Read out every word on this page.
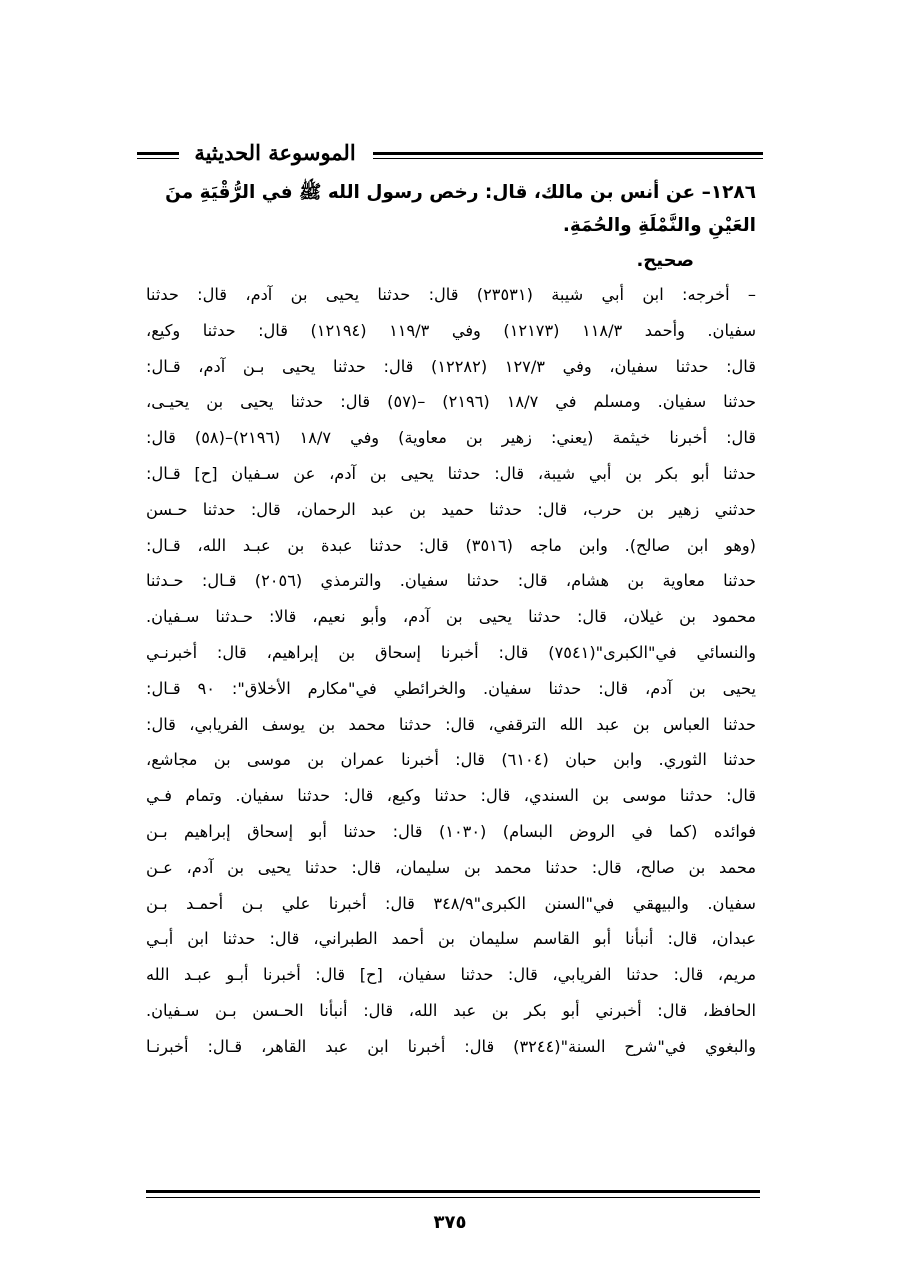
الموسوعة الحديثية
١٢٨٦– عن أنس بن مالك، قال: رخص رسول الله ﷺ في الرُّقْيَةِ منَ
العَيْنِ والنَّمْلَةِ والحُمَةِ.
صحيح.
– أخرجه: ابن أبي شيبة (٢٣٥٣١) قال: حدثنا يحيى بن آدم، قال: حدثنا
سفيان. وأحمد ١١٨/٣ (١٢١٧٣) وفي ١١٩/٣ (١٢١٩٤) قال: حدثنا وكيع،
قال: حدثنا سفيان، وفي ١٢٧/٣ (١٢٢٨٢) قال: حدثنا يحيى بـن آدم، قـال:
حدثنا سفيان. ومسلم في ١٨/٧ (٢١٩٦) –(٥٧) قال: حدثنا يحيى بن يحيـى،
قال: أخبرنا خيثمة (يعني: زهير بن معاوية) وفي ١٨/٧ (٢١٩٦)–(٥٨) قال:
حدثنا أبو بكر بن أبي شيبة، قال: حدثنا يحيى بن آدم، عن سـفيان [ح] قـال:
حدثني زهير بن حرب، قال: حدثنا حميد بن عبد الرحمان، قال: حدثنا حـسن
(وهو ابن صالح). وابن ماجه (٣٥١٦) قال: حدثنا عبدة بن عبـد الله، قـال:
حدثنا معاوية بن هشام، قال: حدثنا سفيان. والترمذي (٢٠٥٦) قـال: حـدثنا
محمود بن غيلان، قال: حدثنا يحيى بن آدم، وأبو نعيم، قالا: حـدثنا سـفيان.
والنسائي في"الكبرى"(٧٥٤١) قال: أخبرنا إسحاق بن إبراهيم، قال: أخبرنـي
يحيى بن آدم، قال: حدثنا سفيان. والخرائطي في"مكارم الأخلاق": ٩٠ قـال:
حدثنا العباس بن عبد الله الترقفي، قال: حدثنا محمد بن يوسف الفريابي، قال:
حدثنا الثوري. وابن حبان (٦١٠٤) قال: أخبرنا عمران بن موسى بن مجاشع،
قال: حدثنا موسى بن السندي، قال: حدثنا وكيع، قال: حدثنا سفيان. وتمام فـي
فوائده (كما في الروض البسام) (١٠٣٠) قال: حدثنا أبو إسحاق إبراهيم بـن
محمد بن صالح، قال: حدثنا محمد بن سليمان، قال: حدثنا يحيى بن آدم، عـن
سفيان. والبيهقي في"السنن الكبرى"٣٤٨/٩ قال: أخبرنا علي بـن أحمـد بـن
عبدان، قال: أنبأنا أبو القاسم سليمان بن أحمد الطبراني، قال: حدثنا ابن أبـي
مريم، قال: حدثنا الفريابي، قال: حدثنا سفيان، [ح] قال: أخبرنا أبـو عبـد الله
الحافظ، قال: أخبرني أبو بكر بن عبد الله، قال: أنبأنا الحـسن بـن سـفيان.
والبغوي في"شرح السنة"(٣٢٤٤) قال: أخبرنا ابن عبد القاهر، قـال: أخبرنـا
٣٧٥
